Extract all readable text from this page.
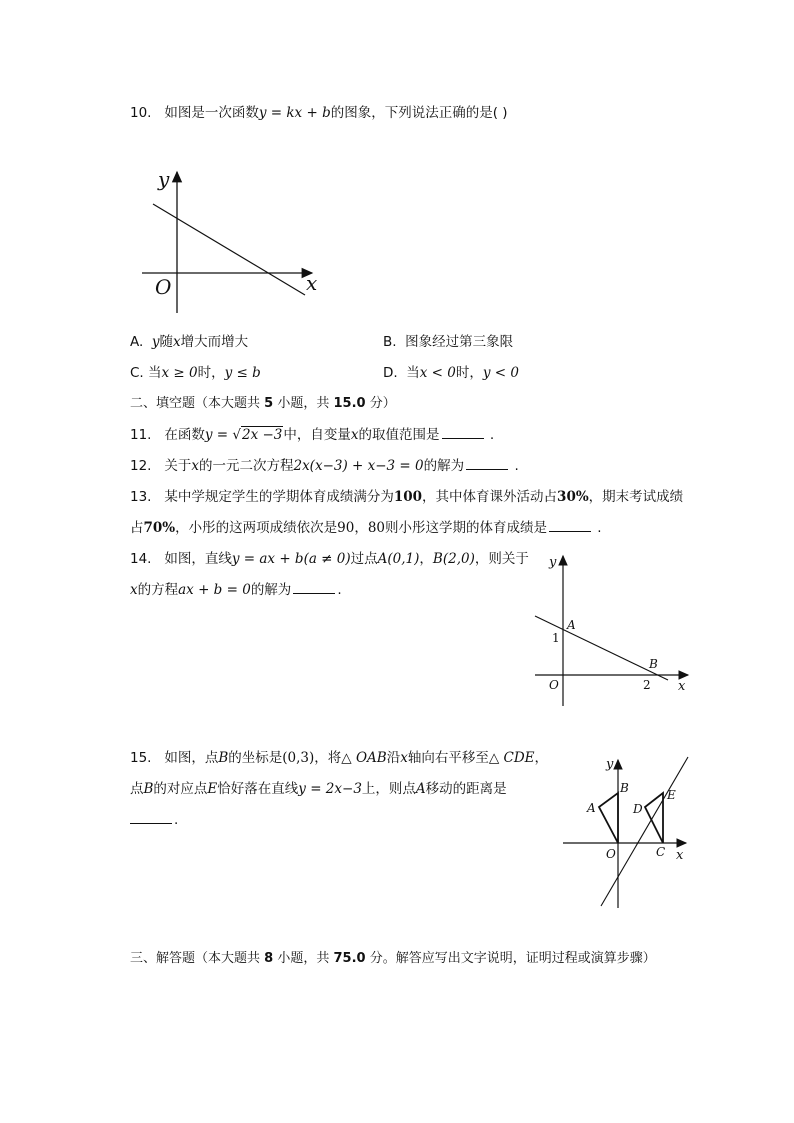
10. 如图是一次函数y = kx + b的图象，下列说法正确的是( )
y
x
O
A. y随x增大而增大	B. 图象经过第三象限
C. 当x ≥ 0时，y ≤ b	D. 当x < 0时，y < 0
二、填空题（本大题共 5 小题，共 15.0 分）
11. 在函数y = √2x −3中，自变量x的取值范围是	.
12. 关于x的一元二次方程2x(x−3) + x−3 = 0的解为	.
13. 某中学规定学生的学期体育成绩满分为100，其中体育课外活动占30%，期末考试成绩
占70%，小彤的这两项成绩依次是90，80则小彤这学期的体育成绩是	.
14. 如图，直线y = ax + b(a ≠ 0)过点A(0,1)，B(2,0)，则关于
x的方程ax + b = 0的解为	.
y
x
O
A
B
1
2
15. 如图，点B的坐标是(0,3)，将△ OAB沿x轴向右平移至△ CDE，
点B的对应点E恰好落在直线y = 2x−3上，则点A移动的距离是
.
y
x
O
A
B
C
D
E
三、解答题（本大题共 8 小题，共 75.0 分。解答应写出文字说明，证明过程或演算步骤）
